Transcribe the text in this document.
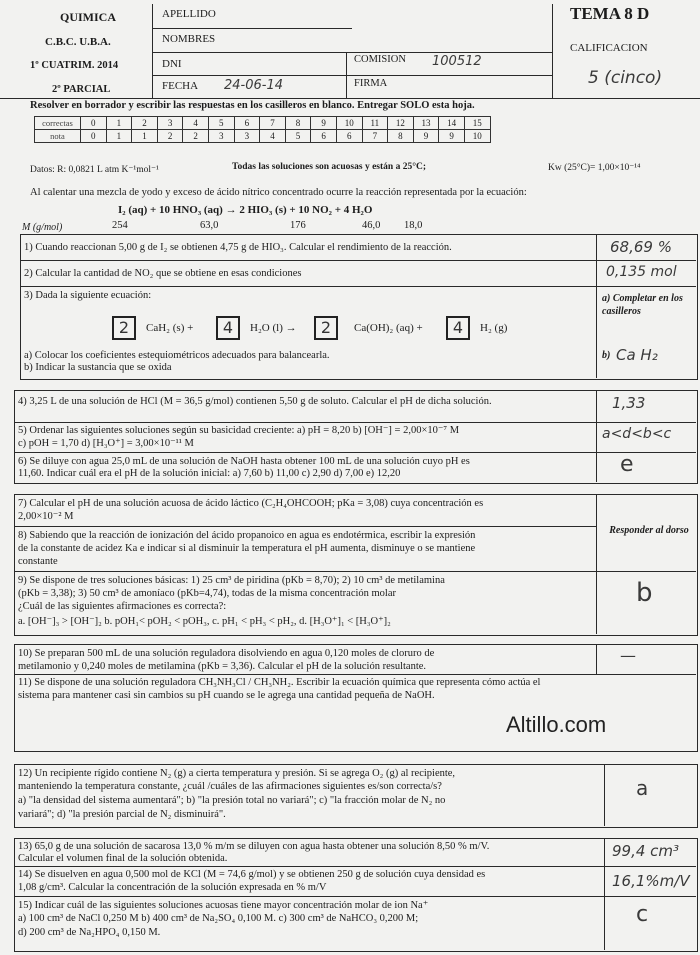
QUIMICA
C.B.C. U.B.A.
1º CUATRIM. 2014
2º PARCIAL
APELLIDO
NOMBRES
DNI
FECHA 24-06-14
COMISION 100512
FIRMA
TEMA 8 D
CALIFICACION
5 (cinco)
Resolver en borrador y escribir las respuestas en los casilleros en blanco. Entregar SOLO esta hoja.
correctas	0	1	2	3	4	5	6	7	8	9	10	11	12	13	14	15
nota	0	1	1	2	2	3	3	4	5	6	6	7	8	9	9	10
Datos: R: 0,0821 L atm K⁻¹mol⁻¹	Todas las soluciones son acuosas y están a 25°C;	Kw (25°C)= 1,00×10⁻¹⁴
Al calentar una mezcla de yodo y exceso de ácido nítrico concentrado ocurre la reacción representada por la ecuación:
I₂ (aq) + 10 HNO₃ (aq) → 2 HIO₃ (s) + 10 NO₂ + 4 H₂O
M (g/mol)	254	63,0	176	46,0 18,0
1) Cuando reaccionan 5,00 g de I₂ se obtienen 4,75 g de HIO₃. Calcular el rendimiento de la reacción.	68,69 %
2) Calcular la cantidad de NO₂ que se obtiene en esas condiciones	0,135 mol
3) Dada la siguiente ecuación:
2	CaH₂ (s) +	4	H₂O (l) →	2	Ca(OH)₂ (aq) +	4	H₂ (g)
a) Colocar los coeficientes estequiométricos adecuados para balancearla.
b) Indicar la sustancia que se oxida
a) Completar en los casilleros
b) Ca H₂
4) 3,25 L de una solución de HCl (M = 36,5 g/mol) contienen 5,50 g de soluto. Calcular el pH de dicha solución.	1,33
5) Ordenar las siguientes soluciones según su basicidad creciente: a) pH = 8,20 b) [OH⁻] = 2,00×10⁻⁷ M
c) pOH = 1,70 d) [H₃O⁺] = 3,00×10⁻¹¹ M
a<d<b<c
6) Se diluye con agua 25,0 mL de una solución de NaOH hasta obtener 100 mL de una solución cuyo pH es
11,60. Indicar cuál era el pH de la solución inicial: a) 7,60 b) 11,00 c) 2,90 d) 7,00 e) 12,20	e
7) Calcular el pH de una solución acuosa de ácido láctico (C₂H₄OHCOOH; pKa = 3,08) cuya concentración es
2,00×10⁻² M
8) Sabiendo que la reacción de ionización del ácido propanoico en agua es endotérmica, escribir la expresión
de la constante de acidez Ka e indicar si al disminuir la temperatura el pH aumenta, disminuye o se mantiene
constante
Responder al dorso
9) Se dispone de tres soluciones básicas: 1) 25 cm³ de piridina (pKb = 8,70); 2) 10 cm³ de metilamina
(pKb = 3,38); 3) 50 cm³ de amoníaco (pKb=4,74), todas de la misma concentración molar
¿Cuál de las siguientes afirmaciones es correcta?:
a. [OH⁻]₃ > [OH⁻]₂ b. pOH₁< pOH₂ < pOH₃, c. pH₁ < pH₃ < pH₂, d. [H₃O⁺]₁ < [H₃O⁺]₂
b
10) Se preparan 500 mL de una solución reguladora disolviendo en agua 0,120 moles de cloruro de
metilamonio y 0,240 moles de metilamina (pKb = 3,36). Calcular el pH de la solución resultante.
—
11) Se dispone de una solución reguladora CH₃NH₃Cl / CH₃NH₂. Escribir la ecuación química que representa cómo actúa el
sistema para mantener casi sin cambios su pH cuando se le agrega una cantidad pequeña de NaOH.
Altillo.com
12) Un recipiente rígido contiene N₂ (g) a cierta temperatura y presión. Si se agrega O₂ (g) al recipiente,
manteniendo la temperatura constante, ¿cuál /cuáles de las afirmaciones siguientes es/son correcta/s?
a) "la densidad del sistema aumentará"; b) "la presión total no variará"; c) "la fracción molar de N₂ no
variará"; d) "la presión parcial de N₂ disminuirá".
a
13) 65,0 g de una solución de sacarosa 13,0 % m/m se diluyen con agua hasta obtener una solución 8,50 % m/V.
Calcular el volumen final de la solución obtenida.	99,4 cm³
14) Se disuelven en agua 0,500 mol de KCl (M = 74,6 g/mol) y se obtienen 250 g de solución cuya densidad es
1,08 g/cm³. Calcular la concentración de la solución expresada en % m/V	16,1%m/V
15) Indicar cuál de las siguientes soluciones acuosas tiene mayor concentración molar de ion Na⁺
a) 100 cm³ de NaCl 0,250 M b) 400 cm³ de Na₂SO₄ 0,100 M. c) 300 cm³ de NaHCO₃ 0,200 M;
d) 200 cm³ de Na₂HPO₄ 0,150 M.
c
